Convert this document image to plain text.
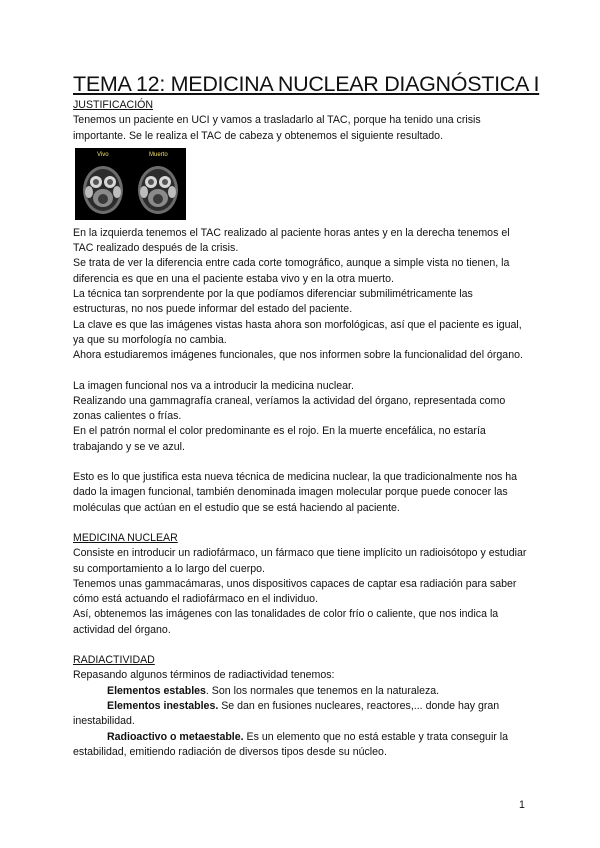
TEMA 12: MEDICINA NUCLEAR DIAGNÓSTICA I
JUSTIFICACIÓN

Tenemos un paciente en UCI y vamos a trasladarlo al TAC, porque ha tenido una crisis importante. Se le realiza el TAC de cabeza y obtenemos el siguiente resultado.

Vivo	Muerto

En la izquierda tenemos el TAC realizado al paciente horas antes y en la derecha tenemos el TAC realizado después de la crisis.

Se trata de ver la diferencia entre cada corte tomográfico, aunque a simple vista no tienen, la diferencia es que en una el paciente estaba vivo y en la otra muerto.

La técnica tan sorprendente por la que podíamos diferenciar submilimétricamente las estructuras, no nos puede informar del estado del paciente.

La clave es que las imágenes vistas hasta ahora son morfológicas, así que el paciente es igual, ya que su morfología no cambia.

Ahora estudiaremos imágenes funcionales, que nos informen sobre la funcionalidad del órgano.

La imagen funcional nos va a introducir la medicina nuclear.

Realizando una gammagrafía craneal, veríamos la actividad del órgano, representada como zonas calientes o frías.

En el patrón normal el color predominante es el rojo. En la muerte encefálica, no estaría trabajando y se ve azul.

Esto es lo que justifica esta nueva técnica de medicina nuclear, la que tradicionalmente nos ha dado la imagen funcional, también denominada imagen molecular porque puede conocer las moléculas que actúan en el estudio que se está haciendo al paciente.

MEDICINA NUCLEAR

Consiste en introducir un radiofármaco, un fármaco que tiene implícito un radioisótopo y estudiar su comportamiento a lo largo del cuerpo.

Tenemos unas gammacámaras, unos dispositivos capaces de captar esa radiación para saber cómo está actuando el radiofármaco en el individuo.

Así, obtenemos las imágenes con las tonalidades de color frío o caliente, que nos indica la actividad del órgano.

RADIACTIVIDAD

Repasando algunos términos de radiactividad tenemos:

Elementos estables. Son los normales que tenemos en la naturaleza.

Elementos inestables. Se dan en fusiones nucleares, reactores,... donde hay gran inestabilidad.

Radioactivo o metaestable. Es un elemento que no está estable y trata conseguir la estabilidad, emitiendo radiación de diversos tipos desde su núcleo.

1
